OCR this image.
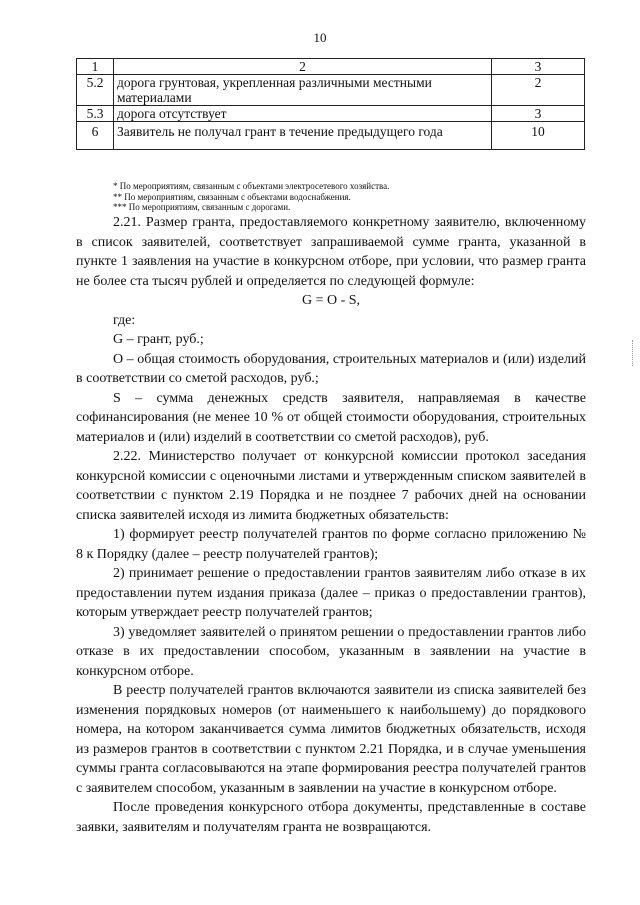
10
1	2	3
5.2	дорога грунтовая, укрепленная различными местными материалами	2
5.3	дорога отсутствует	3
6	Заявитель не получал грант в течение предыдущего года	10
* По мероприятиям, связанным с объектами электросетевого хозяйства.
** По мероприятиям, связанным с объектами водоснабжения.
*** По мероприятиям, связанным с дорогами.

2.21. Размер гранта, предоставляемого конкретному заявителю, включенному в список заявителей, соответствует запрашиваемой сумме гранта, указанной в пункте 1 заявления на участие в конкурсном отборе, при условии, что размер гранта не более ста тысяч рублей и определяется по следующей формуле:

G = O - S,

где:

G – грант, руб.;

О – общая стоимость оборудования, строительных материалов и (или) изделий в соответствии со сметой расходов, руб.;

S – сумма денежных средств заявителя, направляемая в качестве софинансирования (не менее 10 % от общей стоимости оборудования, строительных материалов и (или) изделий в соответствии со сметой расходов), руб.

2.22. Министерство получает от конкурсной комиссии протокол заседания конкурсной комиссии с оценочными листами и утвержденным списком заявителей в соответствии с пунктом 2.19 Порядка и не позднее 7 рабочих дней на основании списка заявителей исходя из лимита бюджетных обязательств:

1) формирует реестр получателей грантов по форме согласно приложению № 8 к Порядку (далее – реестр получателей грантов);

2) принимает решение о предоставлении грантов заявителям либо отказе в их предоставлении путем издания приказа (далее – приказ о предоставлении грантов), которым утверждает реестр получателей грантов;

3) уведомляет заявителей о принятом решении о предоставлении грантов либо отказе в их предоставлении способом, указанным в заявлении на участие в конкурсном отборе.

В реестр получателей грантов включаются заявители из списка заявителей без изменения порядковых номеров (от наименьшего к наибольшему) до порядкового номера, на котором заканчивается сумма лимитов бюджетных обязательств, исходя из размеров грантов в соответствии с пунктом 2.21 Порядка, и в случае уменьшения суммы гранта согласовываются на этапе формирования реестра получателей грантов с заявителем способом, указанным в заявлении на участие в конкурсном отборе.

После проведения конкурсного отбора документы, представленные в составе заявки, заявителям и получателям гранта не возвращаются.
